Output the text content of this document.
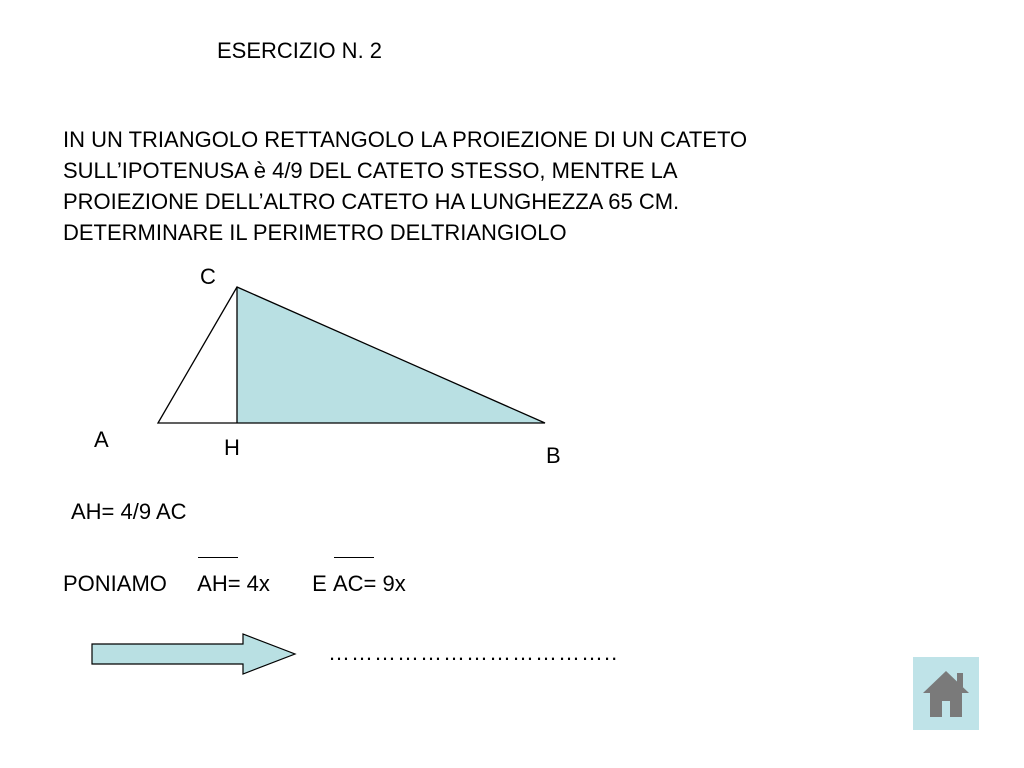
ESERCIZIO N. 2
IN UN TRIANGOLO RETTANGOLO LA PROIEZIONE DI UN CATETO
SULL’IPOTENUSA è 4/9 DEL CATETO STESSO, MENTRE LA
PROIEZIONE DELL’ALTRO CATETO HA LUNGHEZZA 65 CM.
DETERMINARE IL PERIMETRO DELTRIANGIOLO
C
A	H	B
AH= 4/9 AC
PONIAMO AH= 4x E AC= 9x
………………………………..
